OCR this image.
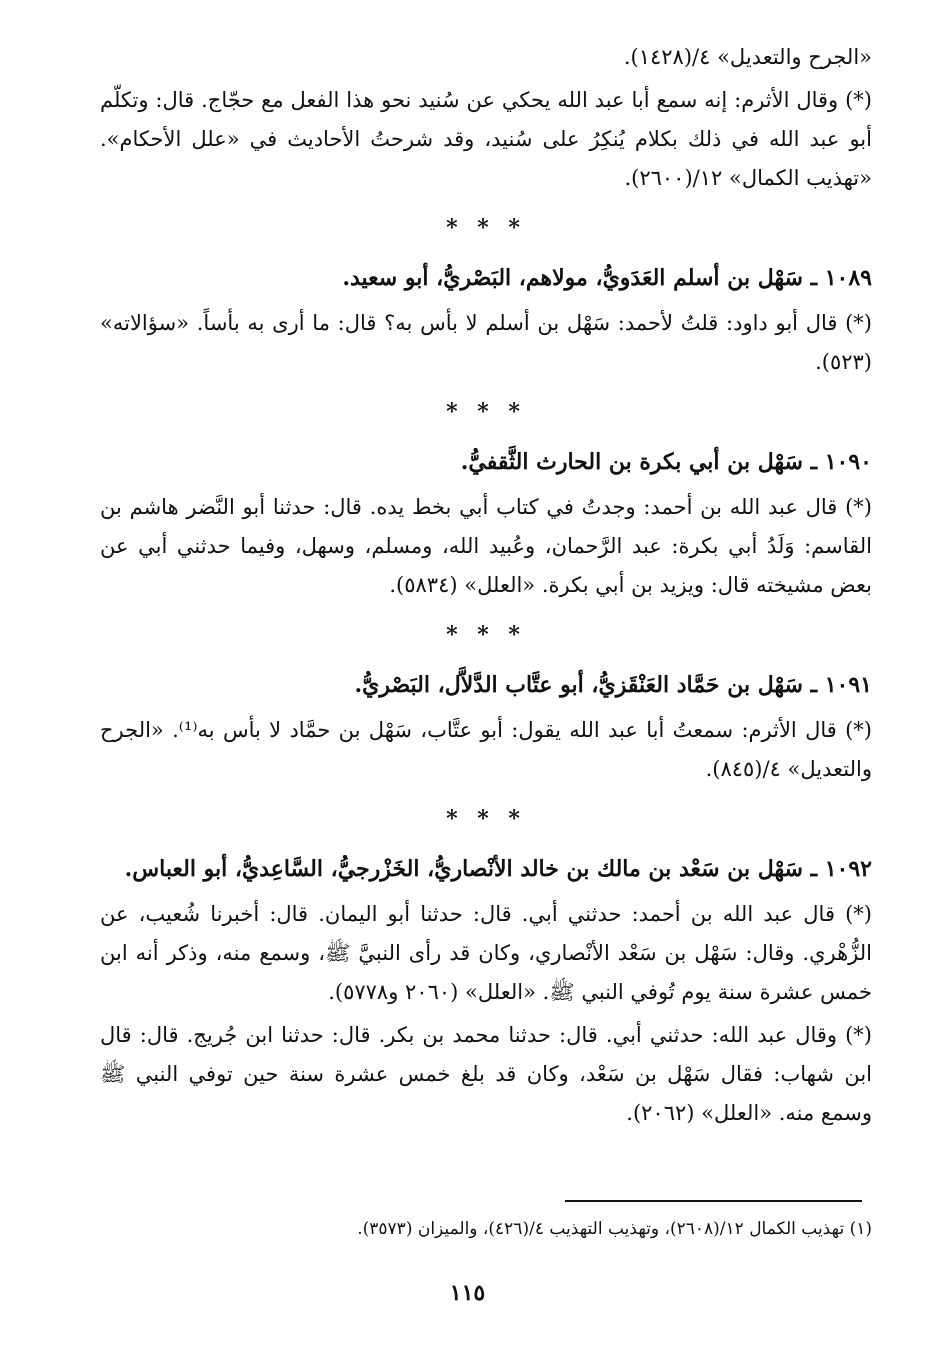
«الجرح والتعديل» ٤/(١٤٢٨).

(*) وقال الأثرم: إنه سمع أبا عبد الله يحكي عن سُنيد نحو هذا الفعل مع حجّاج. قال: وتكلّم أبو عبد الله في ذلك بكلام يُنكِرُ على سُنيد، وقد شرحتُ الأحاديث في «علل الأحكام». «تهذيب الكمال» ١٢/(٢٦٠٠).

* * *
١٠٨٩ ـ سَهْل بن أسلم العَدَويُّ، مولاهم، البَصْريُّ، أبو سعيد.

(*) قال أبو داود: قلتُ لأحمد: سَهْل بن أسلم لا بأس به؟ قال: ما أرى به بأساً. «سؤالاته» (٥٢٣).

* * *
١٠٩٠ ـ سَهْل بن أبي بكرة بن الحارث الثَّقفيُّ.

(*) قال عبد الله بن أحمد: وجدتُ في كتاب أبي بخط يده. قال: حدثنا أبو النَّضر هاشم بن القاسم: وَلَدُ أبي بكرة: عبد الرَّحمان، وعُبيد الله، ومسلم، وسهل، وفيما حدثني أبي عن بعض مشيخته قال: ويزيد بن أبي بكرة. «العلل» (٥٨٣٤).

* * *
١٠٩١ ـ سَهْل بن حَمَّاد العَنْقَزيُّ، أبو عتَّاب الدَّلاَّل، البَصْريُّ.

(*) قال الأثرم: سمعتُ أبا عبد الله يقول: أبو عتَّاب، سَهْل بن حمَّاد لا بأس به⁽¹⁾. «الجرح والتعديل» ٤/(٨٤٥).

* * *
١٠٩٢ ـ سَهْل بن سَعْد بن مالك بن خالد الأنْصاريُّ، الخَزْرجيُّ، السَّاعِديُّ، أبو العباس.

(*) قال عبد الله بن أحمد: حدثني أبي. قال: حدثنا أبو اليمان. قال: أخبرنا شُعيب، عن الزُّهْري. وقال: سَهْل بن سَعْد الأنْصاري، وكان قد رأى النبيَّ ﷺ، وسمع منه، وذكر أنه ابن خمس عشرة سنة يوم تُوفي النبي ﷺ. «العلل» (٢٠٦٠ و٥٧٧٨).

(*) وقال عبد الله: حدثني أبي. قال: حدثنا محمد بن بكر. قال: حدثنا ابن جُريج. قال: قال ابن شهاب: فقال سَهْل بن سَعْد، وكان قد بلغ خمس عشرة سنة حين توفي النبي ﷺ وسمع منه. «العلل» (٢٠٦٢).

(١) تهذيب الكمال ١٢/(٢٦٠٨)، وتهذيب التهذيب ٤/(٤٢٦)، والميزان (٣٥٧٣).
١١٥
